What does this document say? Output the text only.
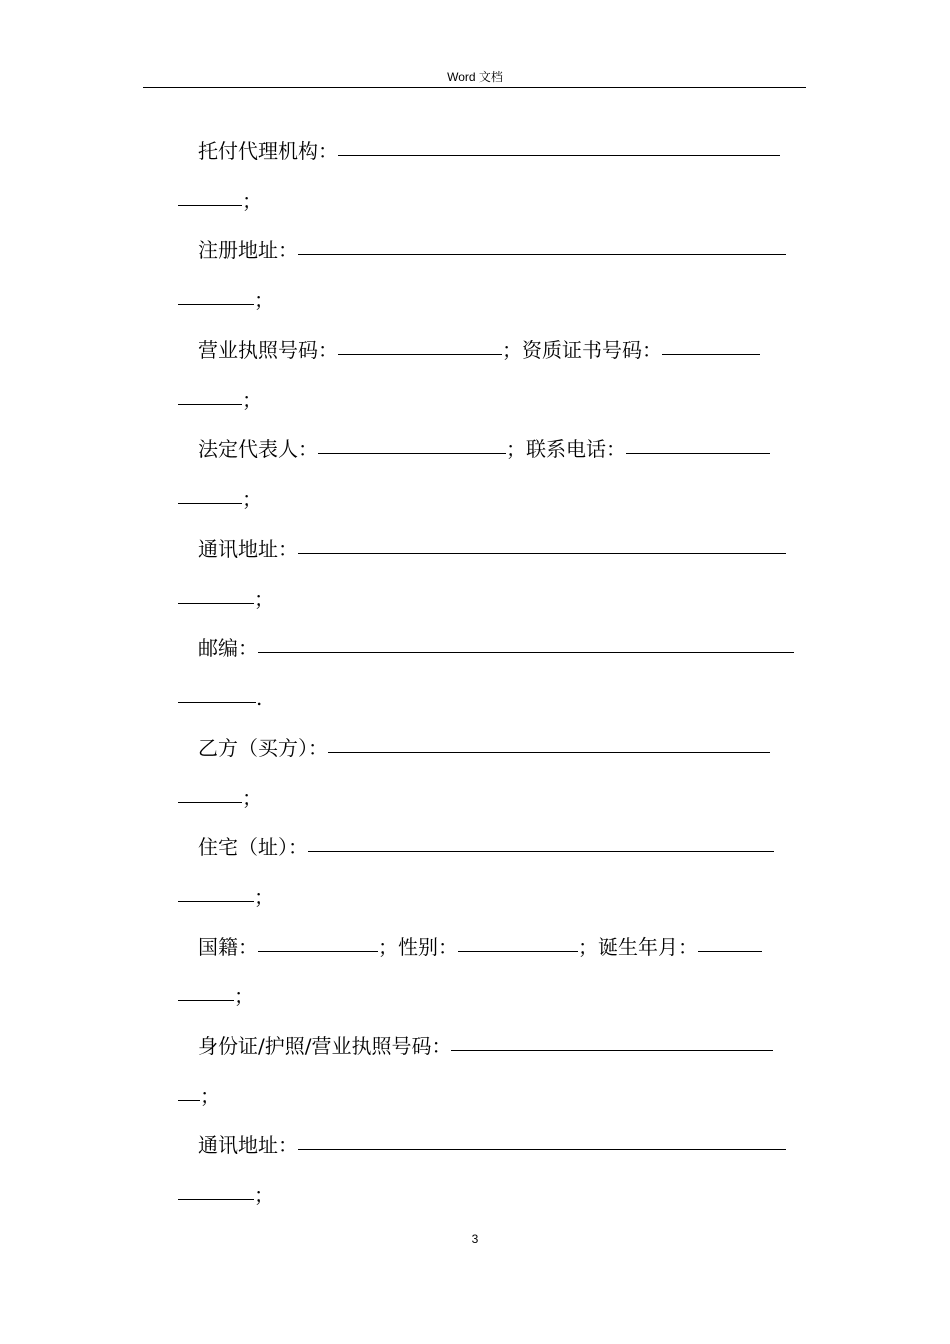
Word 文档
托付代理机构：
；
注册地址：
；
营业执照号码：	；资质证书号码：
；
法定代表人：	；联系电话：
；
通讯地址：
；
邮编：
.
乙方（买方）：
；
住宅（址）：
；
国籍：	；性别：	；诞生年月：
；
身份证/护照/营业执照号码：
；
通讯地址：
；
3
